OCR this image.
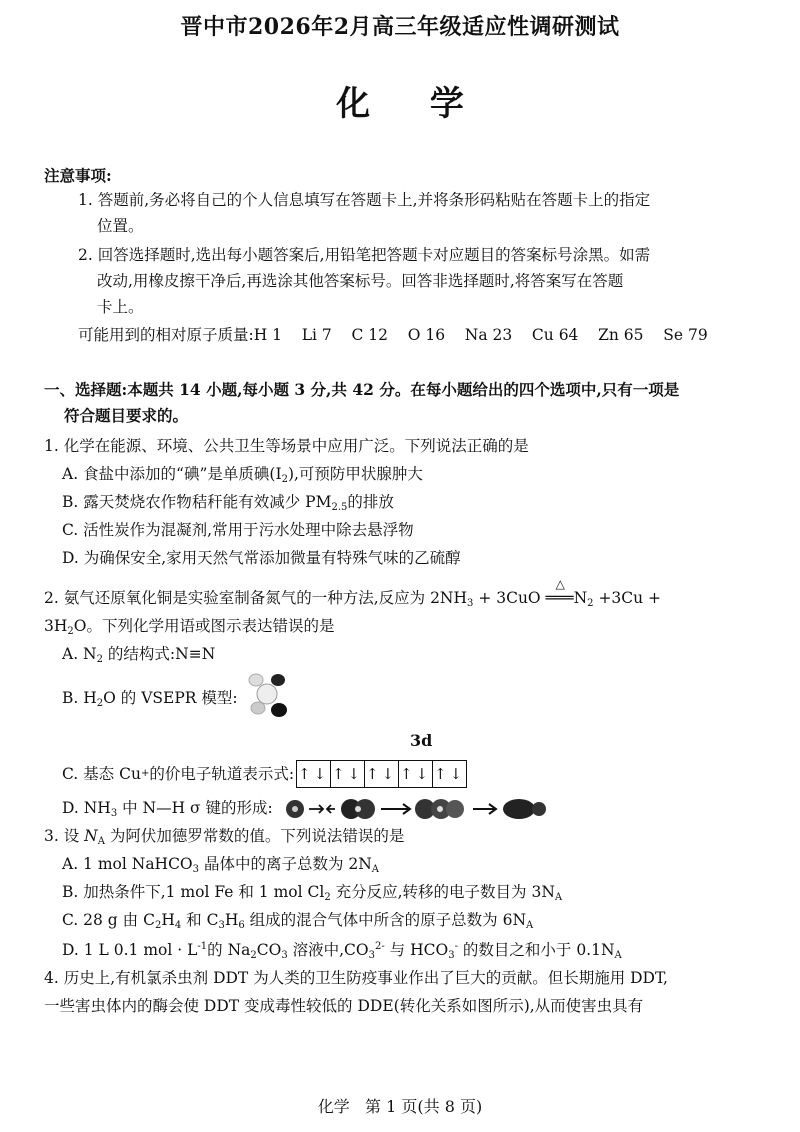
晋中市2026年2月高三年级适应性调研测试
化 学
注意事项:
1. 答题前,务必将自己的个人信息填写在答题卡上,并将条形码粘贴在答题卡上的指定
位置。
2. 回答选择题时,选出每小题答案后,用铅笔把答题卡对应题目的答案标号涂黑。如需
改动,用橡皮擦干净后,再选涂其他答案标号。回答非选择题时,将答案写在答题
卡上。
可能用到的相对原子质量:H 1    Li 7    C 12    O 16    Na 23    Cu 64    Zn 65    Se 79
一、选择题:本题共 14 小题,每小题 3 分,共 42 分。在每小题给出的四个选项中,只有一项是
符合题目要求的。
1. 化学在能源、环境、公共卫生等场景中应用广泛。下列说法正确的是
A. 食盐中添加的“碘”是单质碘$(I_2)$,可预防甲状腺肿大
B. 露天焚烧农作物秸秆能有效减少 $PM_{2.5}$的排放
C. 活性炭作为混凝剂,常用于污水处理中除去悬浮物
D. 为确保安全,家用天然气常添加微量有特殊气味的乙硫醇
2. 氨气还原氧化铜是实验室制备氮气的一种方法,反应为 $2NH_3 + 3CuO$
△
$═══N_2 +3Cu$ +
$3H_2O$。下列化学用语或图示表达错误的是
A. $N_2$ 的结构式:N≡N
B. $H_2O$ 的 VSEPR 模型:
3d
C. 基态 Cu + 的价电子轨道表示式: ↑↓ ↑↓ ↑↓ ↑↓ ↑↓
D. $NH_3$ 中 N—H σ 键的形成:
3. 设 $N_A$ 为阿伏加德罗常数的值。下列说法错误的是
A. 1 mol NaHCO$_3$ 晶体中的离子总数为 $2N_A$
B. 加热条件下,1 mol Fe 和 1 mol $Cl_2$ 充分反应,转移的电子数目为 $3N_A$
C. 28 g 由 $C_2H_4$ 和 $C_3H_6$ 组成的混合气体中所含的原子总数为 $6N_A$
D. 1 L 0.1 mol · $L^{-1}$的 $Na_2CO_3$ 溶液中$,CO_3^{2-}$ 与 $HCO_3^-$ 的数目之和小于 $0.1N_A$
4. 历史上,有机氯杀虫剂 DDT 为人类的卫生防疫事业作出了巨大的贡献。但长期施用 DDT,
一些害虫体内的酶会使 DDT 变成毒性较低的 DDE(转化关系如图所示),从而使害虫具有
化学   第 1 页(共 8 页)
